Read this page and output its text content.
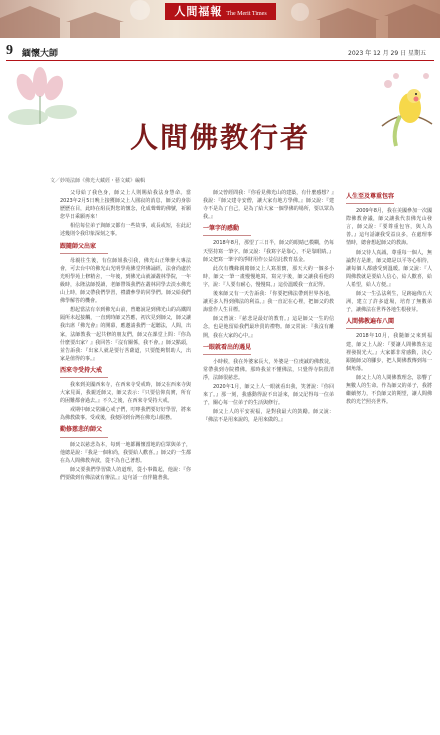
人間福報 The Merit Times
9 緬懷大師	2023 年 12 月 29 日 星期五
人間佛教行者
文／妙境法師《佛光大藏經・藝文藏》編輯

父母給了我色身，師父上人則賜給我法身慧命。當2023年2月5日晚上接獲師父上人圓寂的消息，師父的身影歷歷在目，此時在組長對您的懷念，化成聲聲的佛號，祈願您早日乘願再來！

相信每位弟子與師父都有一些故事，或長或短，在此記述幾則令我印象深刻之事。

跟隨師父出家

母親往生後，有位師姐我引我，佛光山正舉辦大專法會，可去台中的佛光山光明學苑佛堂拜佛誦經，法會尚處於光明學苑上修精舍，一年後，到佛光山就讀叢林學院，一年級時，永隆法師授讀，老師帶領我們在叢林同學去淡水佛光山上時，師父帶我們學習，禮讚參學的同學們。師父給我們佛學解答的機會。

想起當法有幸到佛光山前，曾聽說是到佛光山的高鐵問隔所未起接觸，一直到時師父答應，初次見到師父，師父讓我出席『佛光會』的開幕，應邀請我們一起聽法，人間，出家，法師教我一起共修的朋友們，師父在課堂上問：『你為什麼要出家？』我回答：『沒有關係，我不會。』師父點頭，並告訴我：『出家人就是要行菩薩道，只要能夠幫助人，出家是值得的事。』

西來寺受持大戒

我來到美國西來寺，在西來寺受戒時，師父在西來寺與大家見面，我親近師父，師父表示：『只要信仰真實，所有的困難都會過去。』不久之後，在西來寺受持大戒。

戒期中師父常關心戒子們，叮嚀我們要好好學習，將來為佛教做事。受戒後，我便回到台灣在佛光山服務。

勤修慈悲的師父

師父以慈悲為本，每到一地都關懷當地的信眾與弟子，他總是說：『我是一個和尚，我要給人歡喜。』師父的一生都在為人間佛教奔波，從不為自己著想。

師父要我們學習做人的道理，從小事做起，他說：『你們要做到有佛法就有辦法。』這句話一直伴隨著我。

師父曾經問我：『你看見佛光山的建築，有什麼感想？』我說：『師父建寺安僧，讓大家有地方學佛。』師父說：『建寺不是為了自己，是為了給大家一個學佛的場所，要以眾為我。』

一筆字的感動

2018年8月，那望了三日半，師父的眼睛已模糊，仍每天堅持寫一筆字。師父說：『我寫字是靠心，不是靠眼睛。』師父把寫一筆字的淨財用作公益信託教育基金。

此次有機緣親睹師父上人寫墨寶，那天大約一個多小時，師父一筆一畫慢慢地寫，寫完字後，師父讓我看他的字，說：『人要有耐心，慢慢寫。』這份溫暖我一直記得。

後來師父有一天告訴我：『你要把佛法帶到世界各地，讓更多人得到佛法的利益。』我一直記在心裡，把師父的教誨當作人生目標。

師父曾說：『慈悲是最好的教育。』這是師父一生的信念，也是他留給我們最珍貴的禮物。師父常說：『我沒有離開，我在大家的心中。』

一眼就看出的遇見

小時候，我在外婆家長大，外婆是一位虔誠的佛教徒，常帶我到寺院禮佛。那時我並不懂佛法，只覺得寺院很清淨，法師很慈悲。

2020年1月，師父上人一眼就看出我，笑著說：『你回來了。』那一刻，我感動得說不出話來，師父記得每一位弟子，關心每一位弟子的生活與修行。

師父上人的平安祝福，是對我最大的鼓勵。師父說：『佛法不是用來說的，是用來做的。』

人生至及尊重包容

2009年8月，我在美國參加一次國際佛教會議，師父讓我代表佛光山發言，師父說：『要尊重包容，與人為善。』這句話讓我受益良多，在處理事情時，總會想起師父的教誨。

師父待人真誠，尊重每一個人，無論對方是誰，師父總是以平等心相待，讓每個人都感受到溫暖。師父說：『人間佛教就是要給人信心，給人歡喜，給人希望，給人方便。』

師父一生弘法利生，足跡遍佈五大洲，建立了許多道場，培育了無數弟子，讓佛法在世界各地生根發芽。

人間佛教遍布八閩

2018年10月，我隨師父來到福建，師父上人說：『要讓人間佛教在這裡發揚光大。』大家都非常感動，決心跟隨師父的腳步，把人間佛教傳到每一個角落。

師父上人的人間佛教理念，影響了無數人的生命。作為師父的弟子，我將繼續努力，不負師父的期望，讓人間佛教的光芒照亮世界。
